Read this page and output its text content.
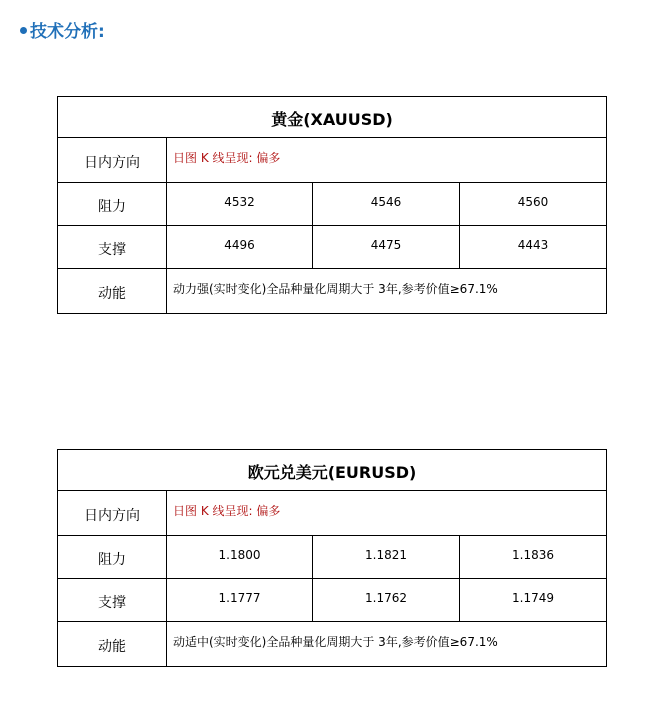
技术分析:
黄金(XAUUSD)			
日内方向	日图 K 线呈现: 偏多		
阻力	4532	4546	4560
支撑	4496	4475	4443
动能	动力强(实时变化)全品种量化周期大于 3年,参考价值≥67.1%		
欧元兑美元(EURUSD)			
日内方向	日图 K 线呈现: 偏多		
阻力	1.1800	1.1821	1.1836
支撑	1.1777	1.1762	1.1749
动能	动适中(实时变化)全品种量化周期大于 3年,参考价值≥67.1%		
